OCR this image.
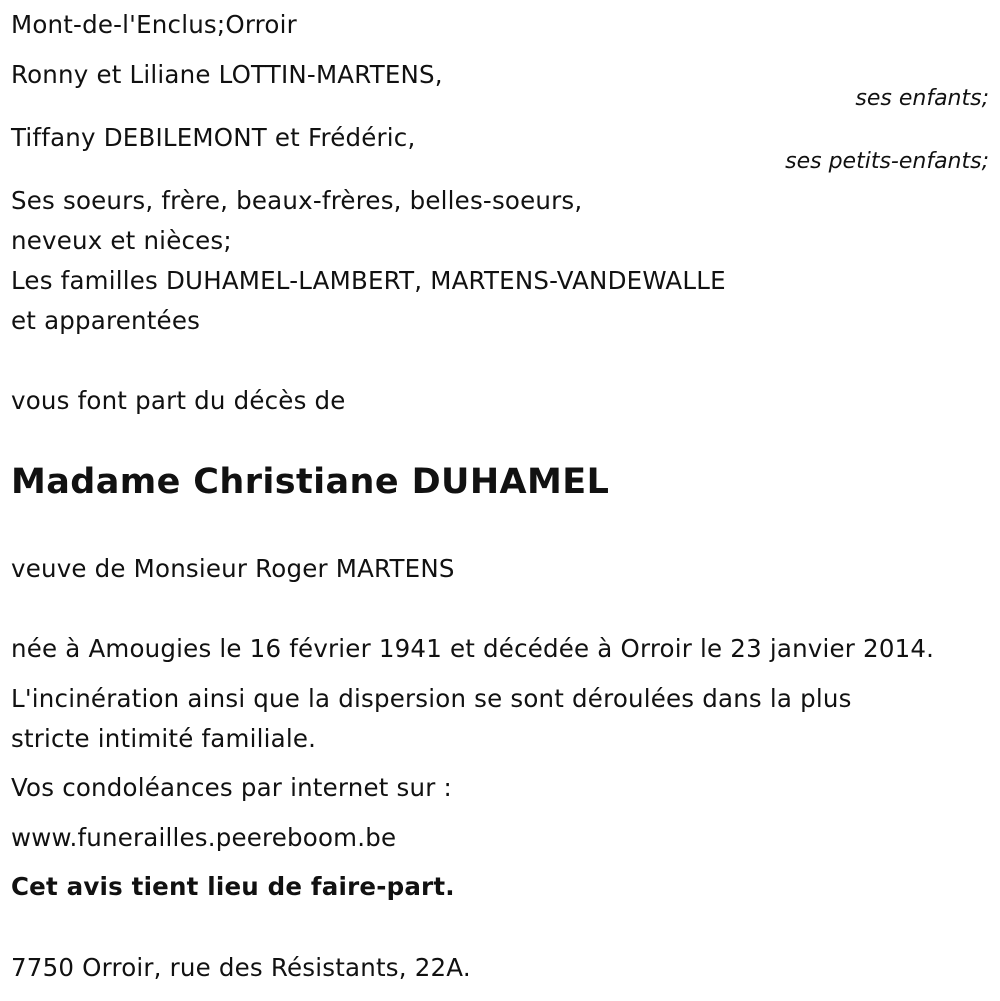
Mont-de-l'Enclus;Orroir
Ronny et Liliane LOTTIN-MARTENS,
ses enfants;
Tiffany DEBILEMONT et Frédéric,
ses petits-enfants;
Ses soeurs, frère, beaux-frères, belles-soeurs,
neveux et nièces;
Les familles DUHAMEL-LAMBERT, MARTENS-VANDEWALLE
et apparentées
vous font part du décès de
Madame Christiane DUHAMEL
veuve de Monsieur Roger MARTENS
née à Amougies le 16 février 1941 et décédée à Orroir le 23 janvier 2014.
L'incinération ainsi que la dispersion se sont déroulées dans la plus
stricte intimité familiale.
Vos condoléances par internet sur :
www.funerailles.peereboom.be
Cet avis tient lieu de faire-part.
7750 Orroir, rue des Résistants, 22A.
